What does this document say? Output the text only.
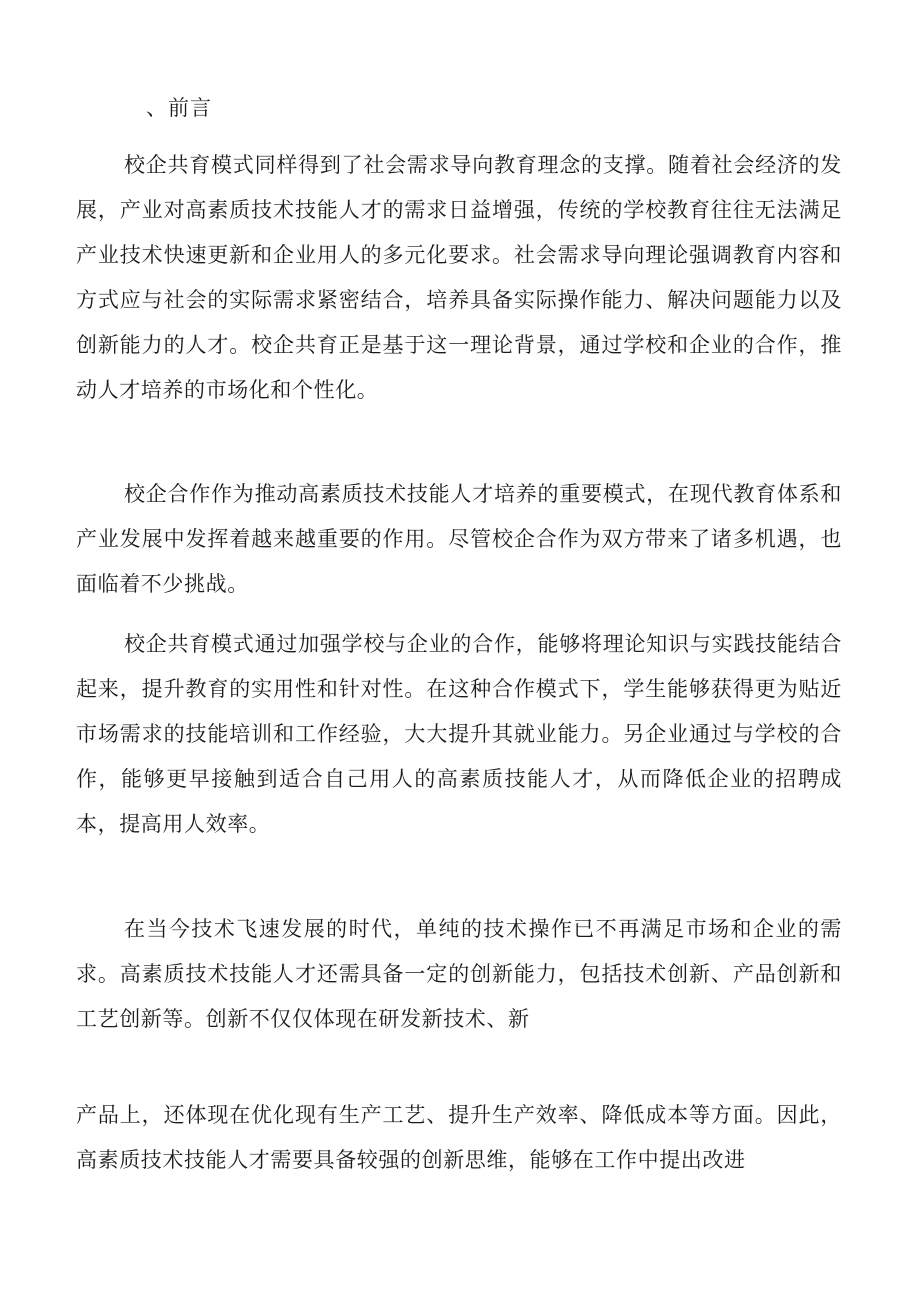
、前言

校企共育模式同样得到了社会需求导向教育理念的支撑。随着社会经济的发展，产业对高素质技术技能人才的需求日益增强，传统的学校教育往往无法满足产业技术快速更新和企业用人的多元化要求。社会需求导向理论强调教育内容和方式应与社会的实际需求紧密结合，培养具备实际操作能力、解决问题能力以及创新能力的人才。校企共育正是基于这一理论背景，通过学校和企业的合作，推动人才培养的市场化和个性化。

校企合作作为推动高素质技术技能人才培养的重要模式，在现代教育体系和产业发展中发挥着越来越重要的作用。尽管校企合作为双方带来了诸多机遇，也面临着不少挑战。

校企共育模式通过加强学校与企业的合作，能够将理论知识与实践技能结合起来，提升教育的实用性和针对性。在这种合作模式下，学生能够获得更为贴近市场需求的技能培训和工作经验，大大提升其就业能力。另企业通过与学校的合作，能够更早接触到适合自己用人的高素质技能人才，从而降低企业的招聘成本，提高用人效率。

在当今技术飞速发展的时代，单纯的技术操作已不再满足市场和企业的需求。高素质技术技能人才还需具备一定的创新能力，包括技术创新、产品创新和工艺创新等。创新不仅仅体现在研发新技术、新

产品上，还体现在优化现有生产工艺、提升生产效率、降低成本等方面。因此，高素质技术技能人才需要具备较强的创新思维，能够在工作中提出改进
